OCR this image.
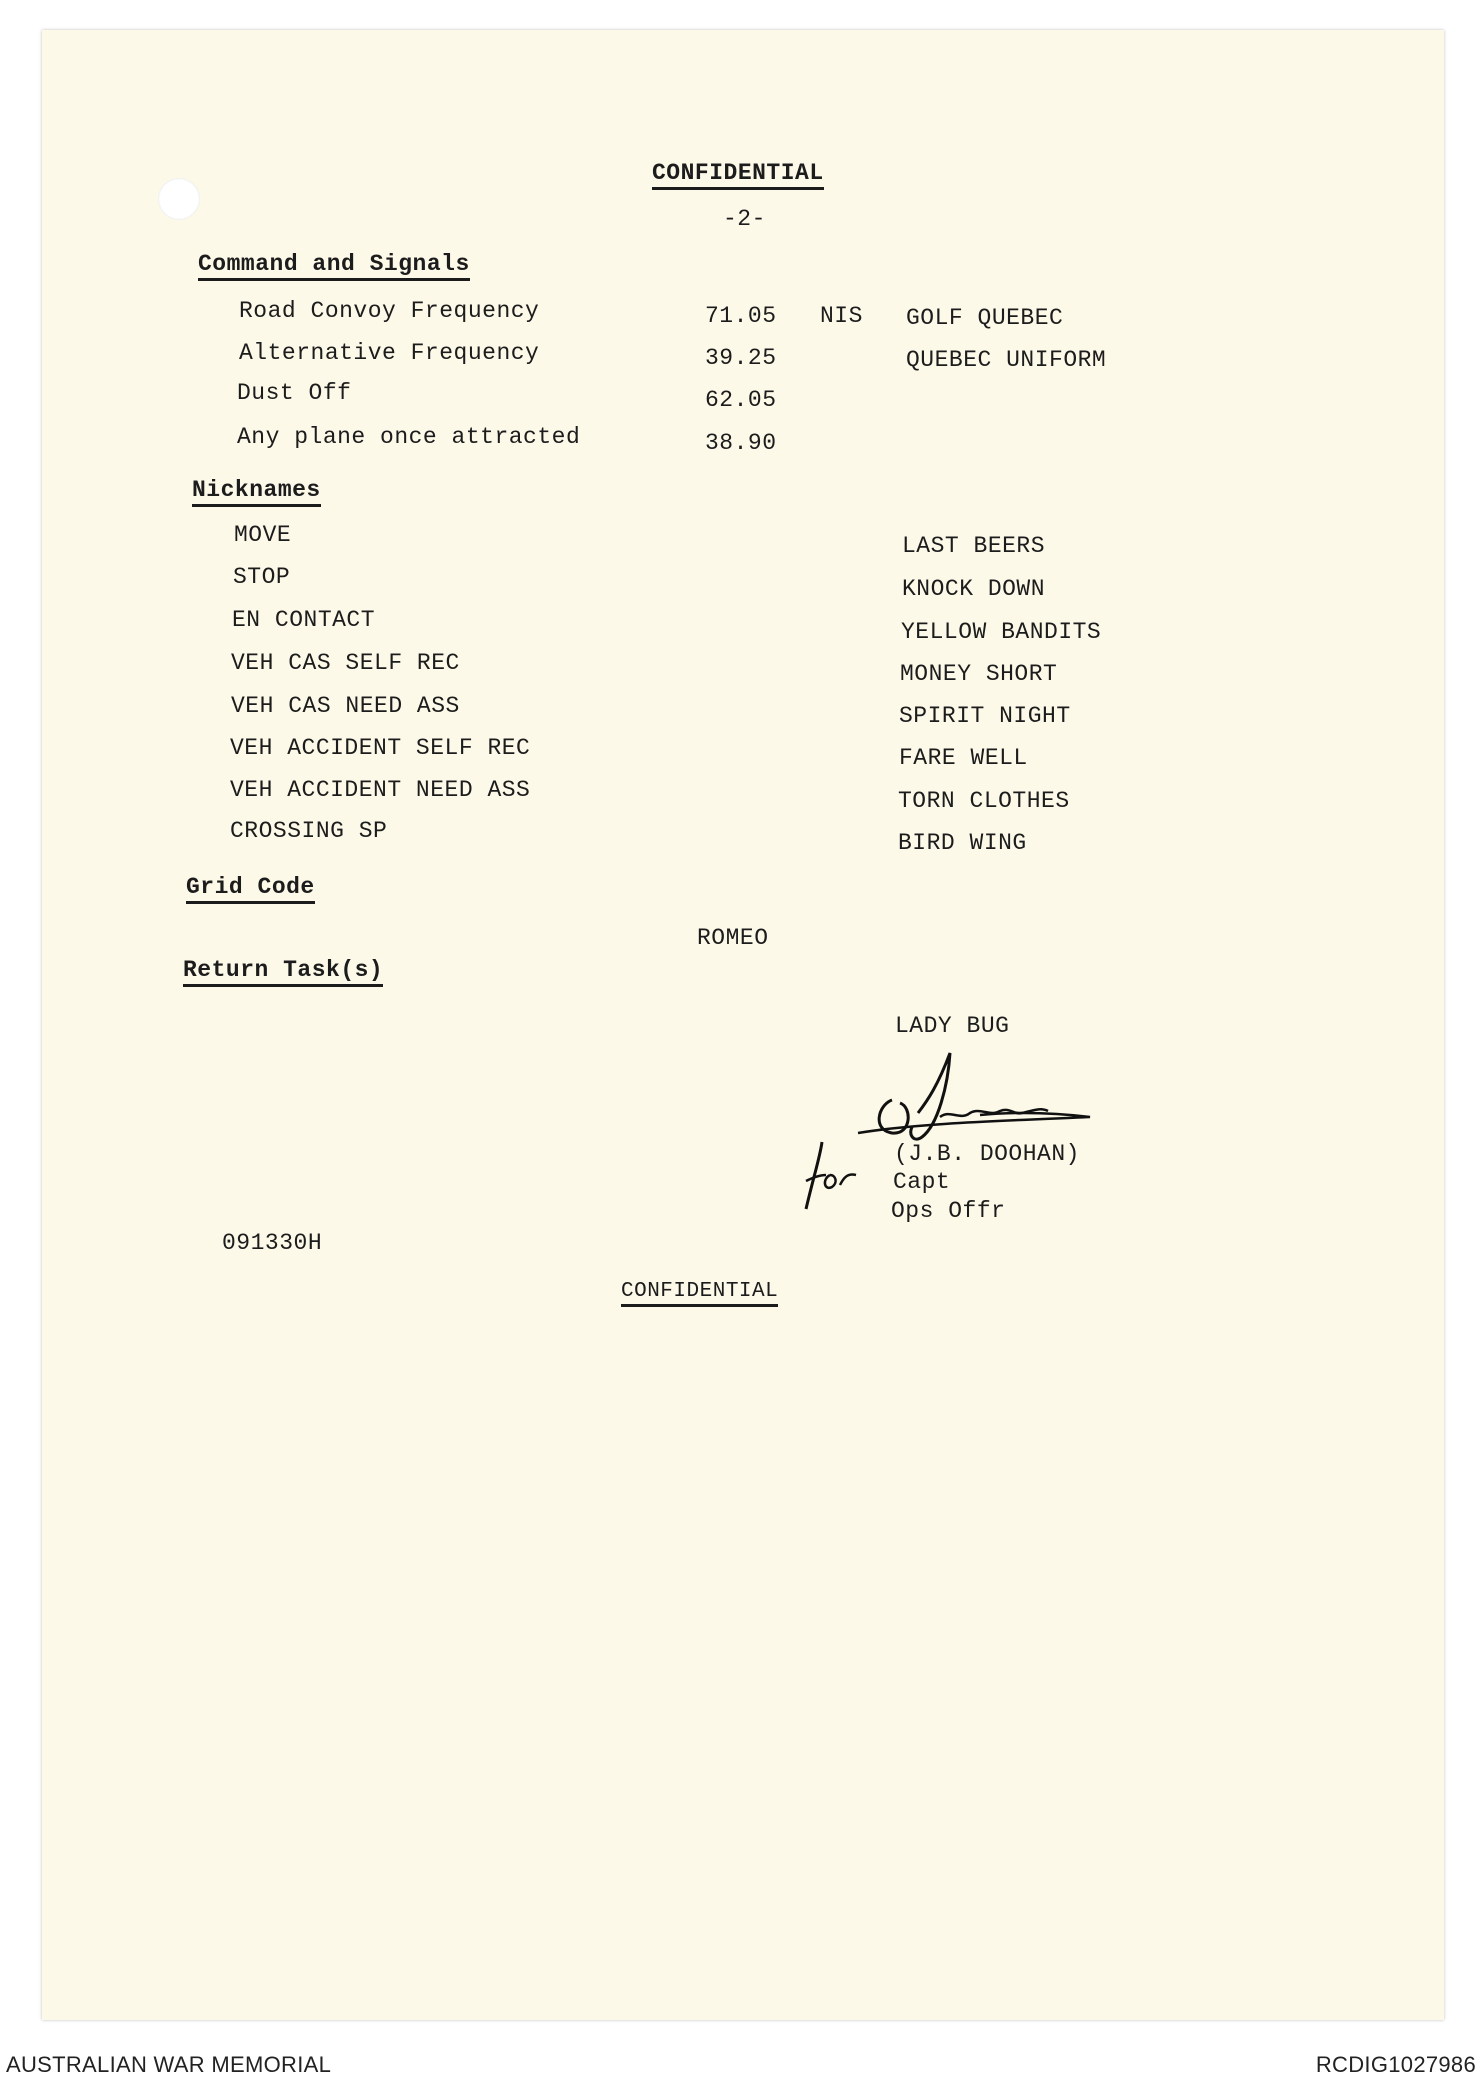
CONFIDENTIAL
-2-
Command and Signals
Road Convoy Frequency	71.05 NIS GOLF QUEBEC
Alternative Frequency	39.25	QUEBEC UNIFORM
Dust Off	62.05
Any plane once attracted	38.90
Nicknames
MOVE	LAST BEERS
STOP	KNOCK DOWN
EN CONTACT	YELLOW BANDITS
VEH CAS SELF REC	MONEY SHORT
VEH CAS NEED ASS	SPIRIT NIGHT
VEH ACCIDENT SELF REC	FARE WELL
VEH ACCIDENT NEED ASS	TORN CLOTHES
CROSSING SP	BIRD WING
Grid Code
ROMEO
Return Task(s)
LADY BUG
(J.B. DOOHAN)
Capt
Ops Offr
091330H
CONFIDENTIAL
AUSTRALIAN WAR MEMORIAL	RCDIG1027986
